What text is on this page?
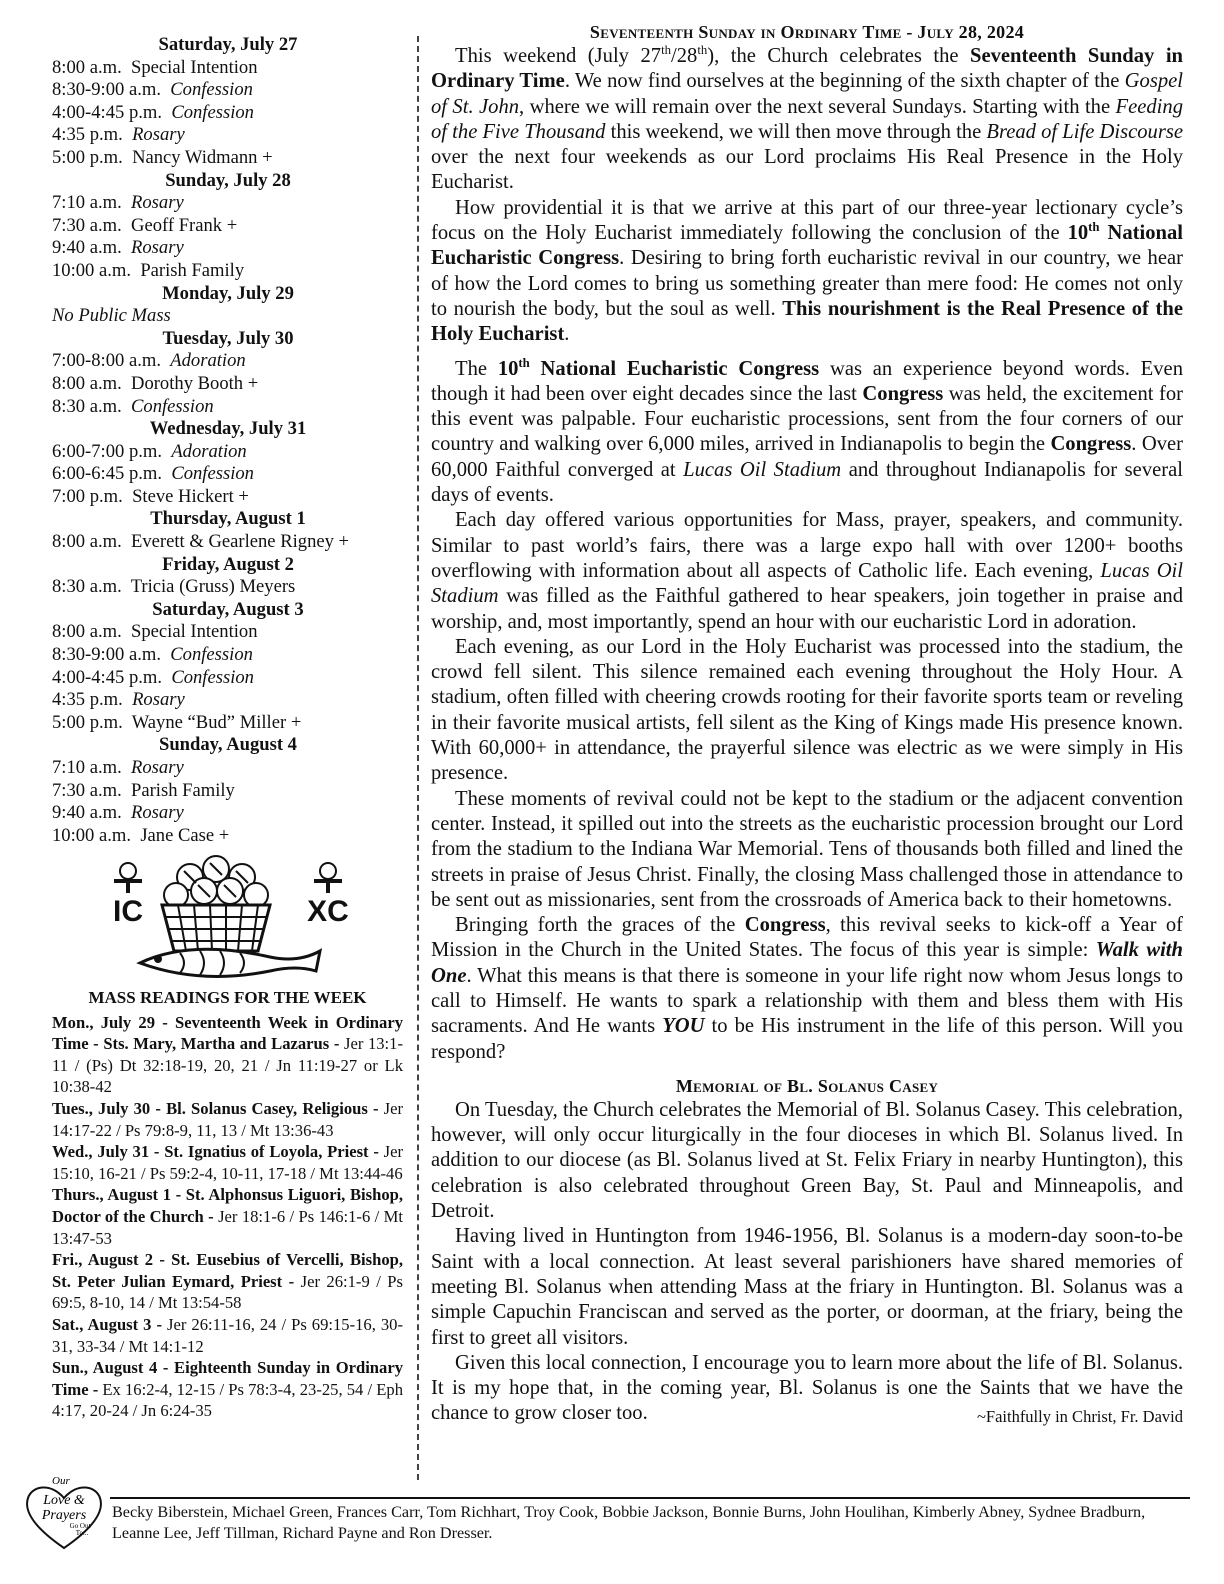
Saturday, July 27
8:00 a.m. Special Intention
8:30-9:00 a.m. Confession
4:00-4:45 p.m. Confession
4:35 p.m. Rosary
5:00 p.m. Nancy Widmann +
Sunday, July 28
7:10 a.m. Rosary
7:30 a.m. Geoff Frank +
9:40 a.m. Rosary
10:00 a.m. Parish Family
Monday, July 29
No Public Mass
Tuesday, July 30
7:00-8:00 a.m. Adoration
8:00 a.m. Dorothy Booth +
8:30 a.m. Confession
Wednesday, July 31
6:00-7:00 p.m. Adoration
6:00-6:45 p.m. Confession
7:00 p.m. Steve Hickert +
Thursday, August 1
8:00 a.m. Everett & Gearlene Rigney +
Friday, August 2
8:30 a.m. Tricia (Gruss) Meyers
Saturday, August 3
8:00 a.m. Special Intention
8:30-9:00 a.m. Confession
4:00-4:45 p.m. Confession
4:35 p.m. Rosary
5:00 p.m. Wayne “Bud” Miller +
Sunday, August 4
7:10 a.m. Rosary
7:30 a.m. Parish Family
9:40 a.m. Rosary
10:00 a.m. Jane Case +
IC	XC
MASS READINGS FOR THE WEEK

Mon., July 29 - Seventeenth Week in Ordinary Time - Sts. Mary, Martha and Lazarus - Jer 13:1-11 / (Ps) Dt 32:18-19, 20, 21 / Jn 11:19-27 or Lk 10:38-42

Tues., July 30 - Bl. Solanus Casey, Religious - Jer 14:17-22 / Ps 79:8-9, 11, 13 / Mt 13:36-43

Wed., July 31 - St. Ignatius of Loyola, Priest - Jer 15:10, 16-21 / Ps 59:2-4, 10-11, 17-18 / Mt 13:44-46

Thurs., August 1 - St. Alphonsus Liguori, Bishop, Doctor of the Church - Jer 18:1-6 / Ps 146:1-6 / Mt 13:47-53

Fri., August 2 - St. Eusebius of Vercelli, Bishop, St. Peter Julian Eymard, Priest - Jer 26:1-9 / Ps 69:5, 8-10, 14 / Mt 13:54-58

Sat., August 3 - Jer 26:11-16, 24 / Ps 69:15-16, 30-31, 33-34 / Mt 14:1-12

Sun., August 4 - Eighteenth Sunday in Ordinary Time - Ex 16:2-4, 12-15 / Ps 78:3-4, 23-25, 54 / Eph 4:17, 20-24 / Jn 6:24-35

Seventeenth Sunday in Ordinary Time - July 28, 2024

This weekend (July 27th/28th), the Church celebrates the Seventeenth Sunday in Ordinary Time. We now find ourselves at the beginning of the sixth chapter of the Gospel of St. John, where we will remain over the next several Sundays. Starting with the Feeding of the Five Thousand this weekend, we will then move through the Bread of Life Discourse over the next four weekends as our Lord proclaims His Real Presence in the Holy Eucharist.

How providential it is that we arrive at this part of our three-year lectionary cycle’s focus on the Holy Eucharist immediately following the conclusion of the 10th National Eucharistic Congress. Desiring to bring forth eucharistic revival in our country, we hear of how the Lord comes to bring us something greater than mere food: He comes not only to nourish the body, but the soul as well. This nourishment is the Real Presence of the Holy Eucharist.

The 10th National Eucharistic Congress was an experience beyond words. Even though it had been over eight decades since the last Congress was held, the excitement for this event was palpable. Four eucharistic processions, sent from the four corners of our country and walking over 6,000 miles, arrived in Indianapolis to begin the Congress. Over 60,000 Faithful converged at Lucas Oil Stadium and throughout Indianapolis for several days of events.

Each day offered various opportunities for Mass, prayer, speakers, and community. Similar to past world’s fairs, there was a large expo hall with over 1200+ booths overflowing with information about all aspects of Catholic life. Each evening, Lucas Oil Stadium was filled as the Faithful gathered to hear speakers, join together in praise and worship, and, most importantly, spend an hour with our eucharistic Lord in adoration.

Each evening, as our Lord in the Holy Eucharist was processed into the stadium, the crowd fell silent. This silence remained each evening throughout the Holy Hour. A stadium, often filled with cheering crowds rooting for their favorite sports team or reveling in their favorite musical artists, fell silent as the King of Kings made His presence known. With 60,000+ in attendance, the prayerful silence was electric as we were simply in His presence.

These moments of revival could not be kept to the stadium or the adjacent convention center. Instead, it spilled out into the streets as the eucharistic procession brought our Lord from the stadium to the Indiana War Memorial. Tens of thousands both filled and lined the streets in praise of Jesus Christ. Finally, the closing Mass challenged those in attendance to be sent out as missionaries, sent from the crossroads of America back to their hometowns.

Bringing forth the graces of the Congress, this revival seeks to kick-off a Year of Mission in the Church in the United States. The focus of this year is simple: Walk with One. What this means is that there is someone in your life right now whom Jesus longs to call to Himself. He wants to spark a relationship with them and bless them with His sacraments. And He wants YOU to be His instrument in the life of this person. Will you respond?

Memorial of Bl. Solanus Casey

On Tuesday, the Church celebrates the Memorial of Bl. Solanus Casey. This celebration, however, will only occur liturgically in the four dioceses in which Bl. Solanus lived. In addition to our diocese (as Bl. Solanus lived at St. Felix Friary in nearby Huntington), this celebration is also celebrated throughout Green Bay, St. Paul and Minneapolis, and Detroit.

Having lived in Huntington from 1946-1956, Bl. Solanus is a modern-day soon-to-be Saint with a local connection. At least several parishioners have shared memories of meeting Bl. Solanus when attending Mass at the friary in Huntington. Bl. Solanus was a simple Capuchin Franciscan and served as the porter, or doorman, at the friary, being the first to greet all visitors.

Given this local connection, I encourage you to learn more about the life of Bl. Solanus. It is my hope that, in the coming year, Bl. Solanus is one the Saints that we have the chance to grow closer too.	~Faithfully in Christ, Fr. David

Our
Love &
Prayers
Go Out
To...
Becky Biberstein, Michael Green, Frances Carr, Tom Richhart, Troy Cook, Bobbie Jackson, Bonnie Burns, John Houlihan, Kimberly Abney, Sydnee Bradburn, Leanne Lee, Jeff Tillman, Richard Payne and Ron Dresser.
